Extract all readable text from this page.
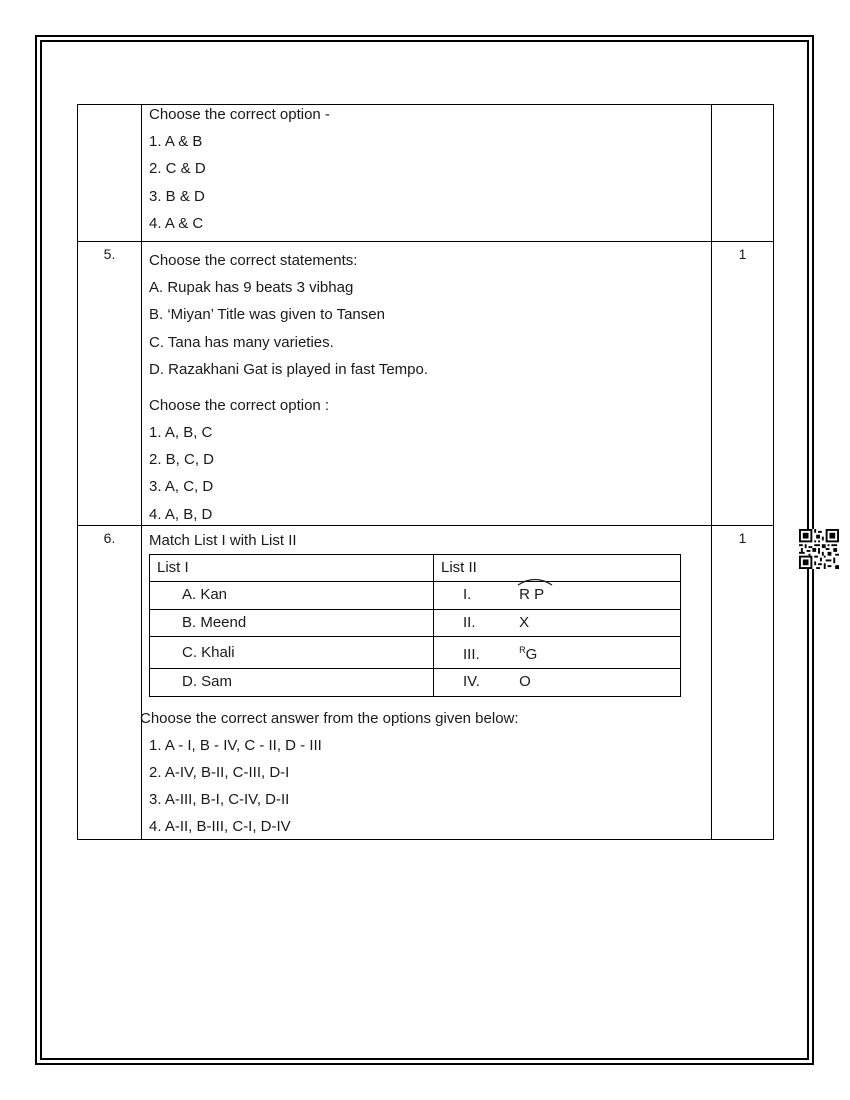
Choose the correct option -
1. A & B
2. C & D
3. B & D
4. A & C

5.	Choose the correct statements:
A. Rupak has 9 beats 3 vibhag
B. ‘Miyan’ Title was given to Tansen
C. Tana has many varieties.
D. Razakhani Gat is played in fast Tempo.
Choose the correct option :
1. A, B, C
2. B, C, D
3. A, C, D
4. A, B, D
	1
6.	Match List I with List II
List I	List II
A. Kan	I.	R P
B. Meend	II.	X
C. Khali	III.	$^R$G
D. Sam	IV.	O
Choose the correct answer from the options given below:
1. A - I, B - IV, C - II, D - III
2. A-IV, B-II, C-III, D-I
3. A-III, B-I, C-IV, D-II
4. A-II, B-III, C-I, D-IV
	1
